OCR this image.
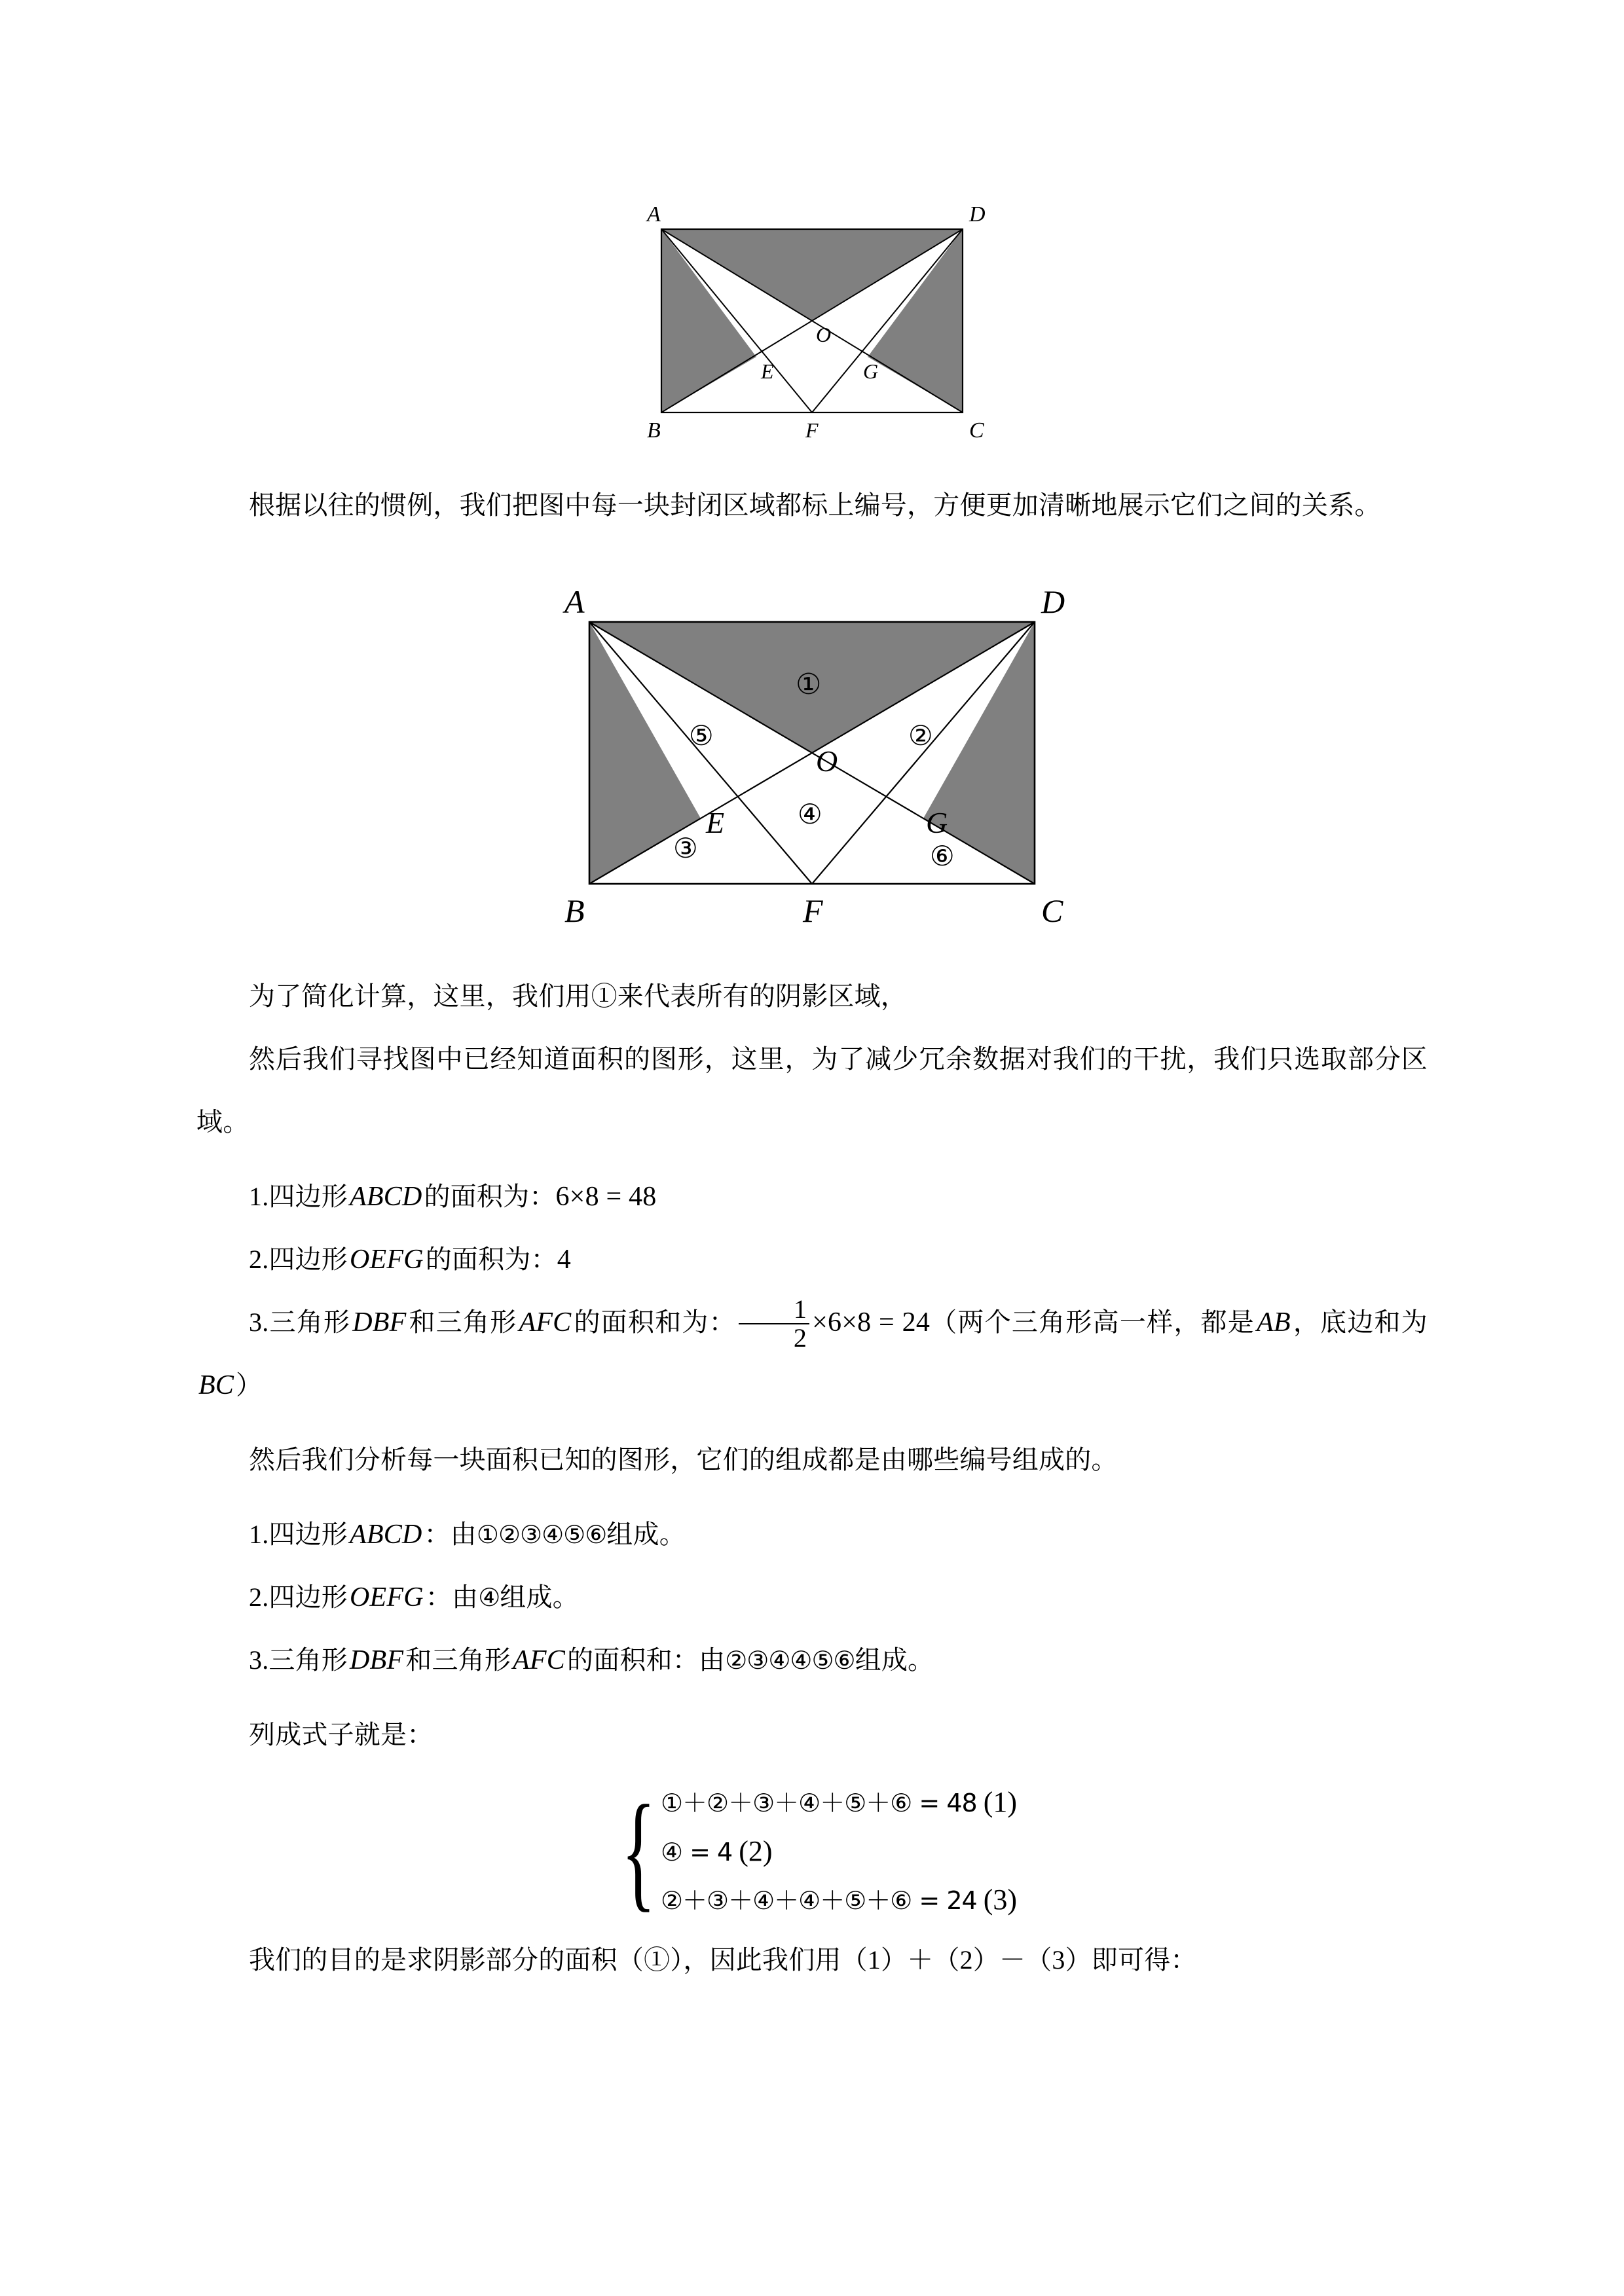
A	D
B	C
O
E	G
F

根据以往的惯例，我们把图中每一块封闭区域都标上编号，方便更加清晰地展示它们之间的关系。

A	D
B	C
O
E	G
F
①
②
③
④
⑤
⑥

为了简化计算，这里，我们用①来代表所有的阴影区域，

然后我们寻找图中已经知道面积的图形，这里，为了减少冗余数据对我们的干扰，我们只选取部分区域。

1.四边形ABCD的面积为：6×8 = 48

2.四边形OEFG的面积为：4

3.三角形DBF和三角形AFC的面积和为： $\frac{1}{2} \times 6\times 8 = 24$（两个三角形高一样，都是AB，底边和为BC）

然后我们分析每一块面积已知的图形，它们的组成都是由哪些编号组成的。

1.四边形ABCD：由①②③④⑤⑥组成。

2.四边形OEFG：由④组成。

3.三角形DBF和三角形AFC的面积和：由②③④④⑤⑥组成。

列成式子就是：

{ ①＋②＋③＋④＋⑤＋⑥ = 48 (1)
④ = 4 (2)
②＋③＋④＋④＋⑤＋⑥ = 24 (3)

我们的目的是求阴影部分的面积（①），因此我们用（1）＋（2）－（3）即可得：
